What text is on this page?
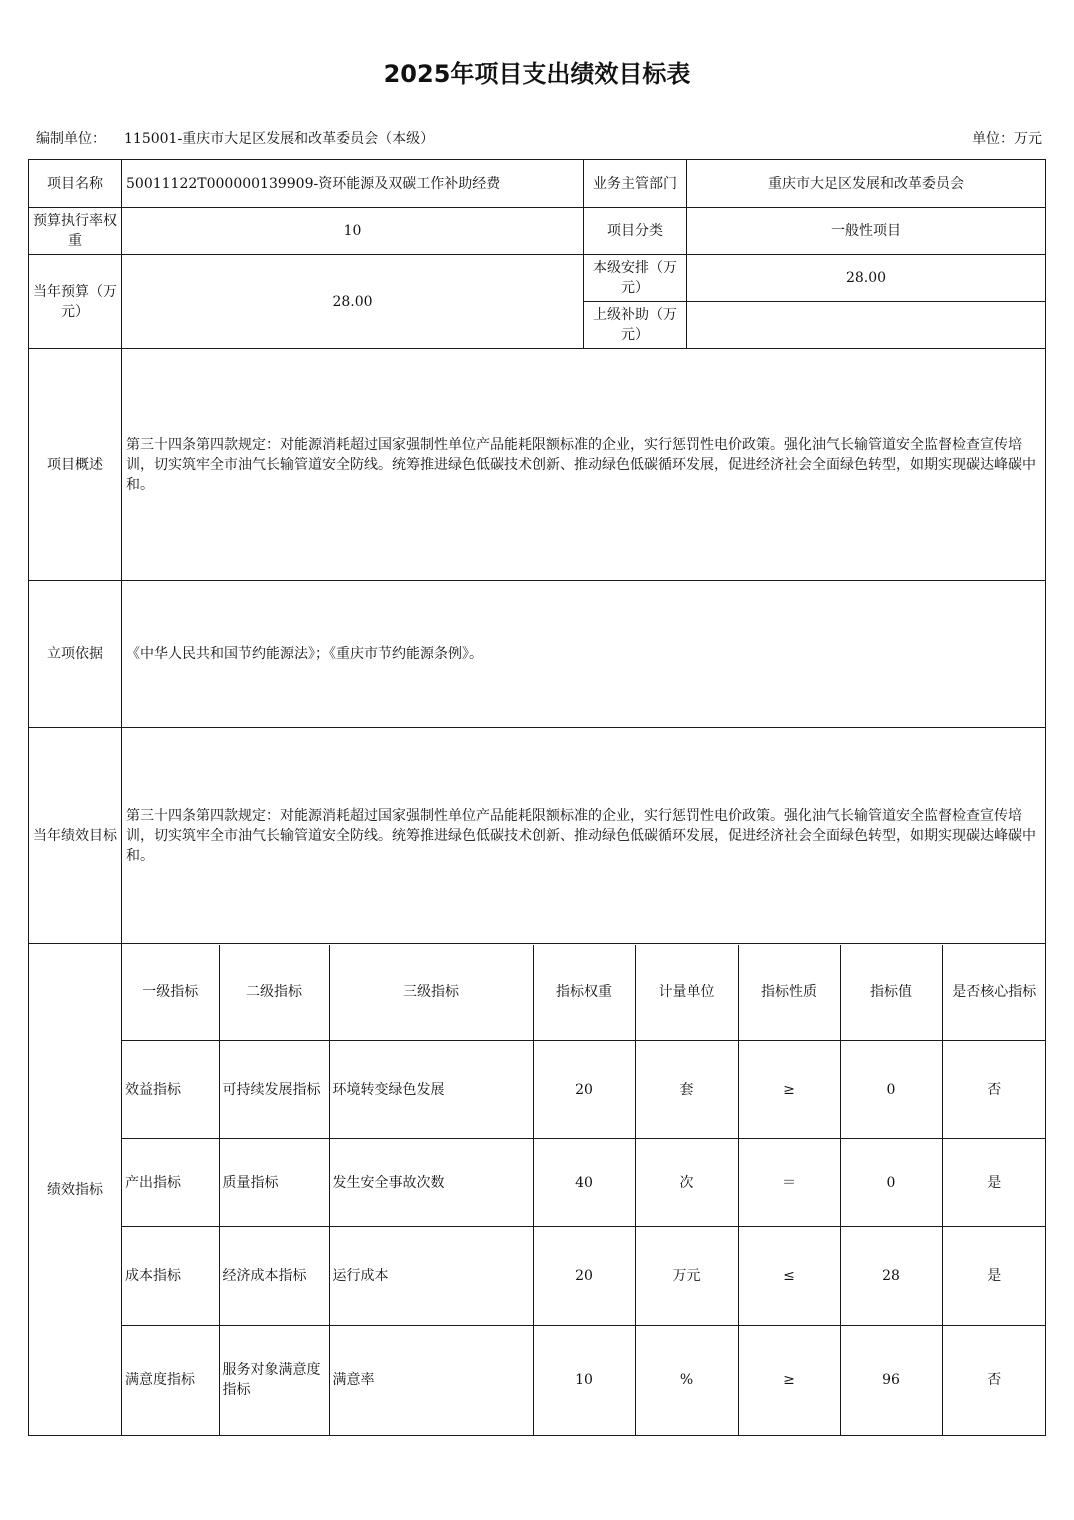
2025年项目支出绩效目标表
编制单位： 115001-重庆市大足区发展和改革委员会（本级）	单位：万元
项目名称	50011122T000000139909-资环能源及双碳工作补助经费	业务主管部门	重庆市大足区发展和改革委员会
预算执行率权重	10	项目分类	一般性项目
当年预算（万元）	28.00	本级安排（万元）	28.00
上级补助（万元）	
项目概述	第三十四条第四款规定：对能源消耗超过国家强制性单位产品能耗限额标准的企业，实行惩罚性电价政策。强化油气长输管道安全监督检查宣传培训，切实筑牢全市油气长输管道安全防线。统筹推进绿色低碳技术创新、推动绿色低碳循环发展，促进经济社会全面绿色转型，如期实现碳达峰碳中和。
立项依据	《中华人民共和国节约能源法》；《重庆市节约能源条例》。
当年绩效目标	第三十四条第四款规定：对能源消耗超过国家强制性单位产品能耗限额标准的企业，实行惩罚性电价政策。强化油气长输管道安全监督检查宣传培训，切实筑牢全市油气长输管道安全防线。统筹推进绿色低碳技术创新、推动绿色低碳循环发展，促进经济社会全面绿色转型，如期实现碳达峰碳中和。
绩效指标	
一级指标	二级指标	三级指标	指标权重	计量单位	指标性质	指标值	是否核心指标
效益指标	可持续发展指标	环境转变绿色发展	20	套	≥	0	否
产出指标	质量指标	发生安全事故次数	40	次	＝	0	是
成本指标	经济成本指标	运行成本	20	万元	≤	28	是
满意度指标	服务对象满意度指标	满意率	10	%	≥	96	否
